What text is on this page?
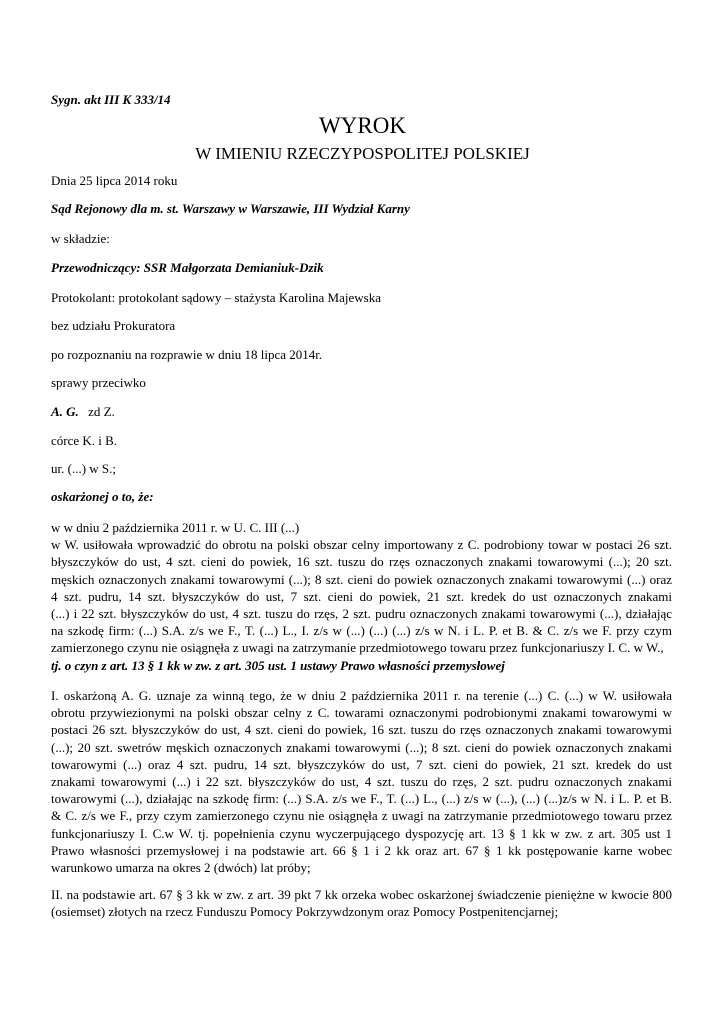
Sygn. akt III K 333/14
WYROK
W IMIENIU RZECZYPOSPOLITEJ POLSKIEJ
Dnia 25 lipca 2014 roku
Sąd Rejonowy dla m. st. Warszawy w Warszawie, III Wydział Karny
w składzie:
Przewodniczący: SSR Małgorzata Demianiuk-Dzik
Protokolant: protokolant sądowy – stażysta Karolina Majewska
bez udziału Prokuratora
po rozpoznaniu na rozprawie w dniu 18 lipca 2014r.
sprawy przeciwko
A. G. zd Z.
córce K. i B.
ur. (...) w S.;
oskarżonej o to, że:
w w dniu 2 października 2011 r. w U. C. III (...)
w W. usiłowała wprowadzić do obrotu na polski obszar celny importowany z C. podrobiony towar w postaci 26 szt.
błyszczyków do ust, 4 szt. cieni do powiek, 16 szt. tuszu do rzęs oznaczonych znakami towarowymi (...); 20 szt.
męskich oznaczonych znakami towarowymi (...); 8 szt. cieni do powiek oznaczonych znakami towarowymi (...) oraz
4 szt. pudru, 14 szt. błyszczyków do ust, 7 szt. cieni do powiek, 21 szt. kredek do ust oznaczonych znakami
(...) i 22 szt. błyszczyków do ust, 4 szt. tuszu do rzęs, 2 szt. pudru oznaczonych znakami towarowymi (...), działając
na szkodę firm: (...) S.A. z/s we F., T. (...) L., I. z/s w (...) (...) (...) z/s w N. i L. P. et B. & C. z/s we F. przy czym
zamierzonego czynu nie osiągnęła z uwagi na zatrzymanie przedmiotowego towaru przez funkcjonariuszy I. C. w W.,
tj. o czyn z art. 13 § 1 kk w zw. z art. 305 ust. 1 ustawy Prawo własności przemysłowej
I. oskarżoną A. G. uznaje za winną tego, że w dniu 2 października 2011 r. na terenie (...) C. (...) w W. usiłowała
obrotu przywiezionymi na polski obszar celny z C. towarami oznaczonymi podrobionymi znakami towarowymi w
postaci 26 szt. błyszczyków do ust, 4 szt. cieni do powiek, 16 szt. tuszu do rzęs oznaczonych znakami towarowymi
(...); 20 szt. swetrów męskich oznaczonych znakami towarowymi (...); 8 szt. cieni do powiek oznaczonych znakami
towarowymi (...) oraz 4 szt. pudru, 14 szt. błyszczyków do ust, 7 szt. cieni do powiek, 21 szt. kredek do ust
znakami towarowymi (...) i 22 szt. błyszczyków do ust, 4 szt. tuszu do rzęs, 2 szt. pudru oznaczonych znakami
towarowymi (...), działając na szkodę firm: (...) S.A. z/s we F., T. (...) L., (...) z/s w (...), (...) (...)z/s w N. i L. P. et B.
& C. z/s we F., przy czym zamierzonego czynu nie osiągnęła z uwagi na zatrzymanie przedmiotowego towaru przez
funkcjonariuszy I. C.w W. tj. popełnienia czynu wyczerpującego dyspozycję art. 13 § 1 kk w zw. z art. 305 ust 1
Prawo własności przemysłowej i na podstawie art. 66 § 1 i 2 kk oraz art. 67 § 1 kk postępowanie karne wobec
warunkowo umarza na okres 2 (dwóch) lat próby;
II. na podstawie art. 67 § 3 kk w zw. z art. 39 pkt 7 kk orzeka wobec oskarżonej świadczenie pieniężne w kwocie 800
(osiemset) złotych na rzecz Funduszu Pomocy Pokrzywdzonym oraz Pomocy Postpenitencjarnej;
